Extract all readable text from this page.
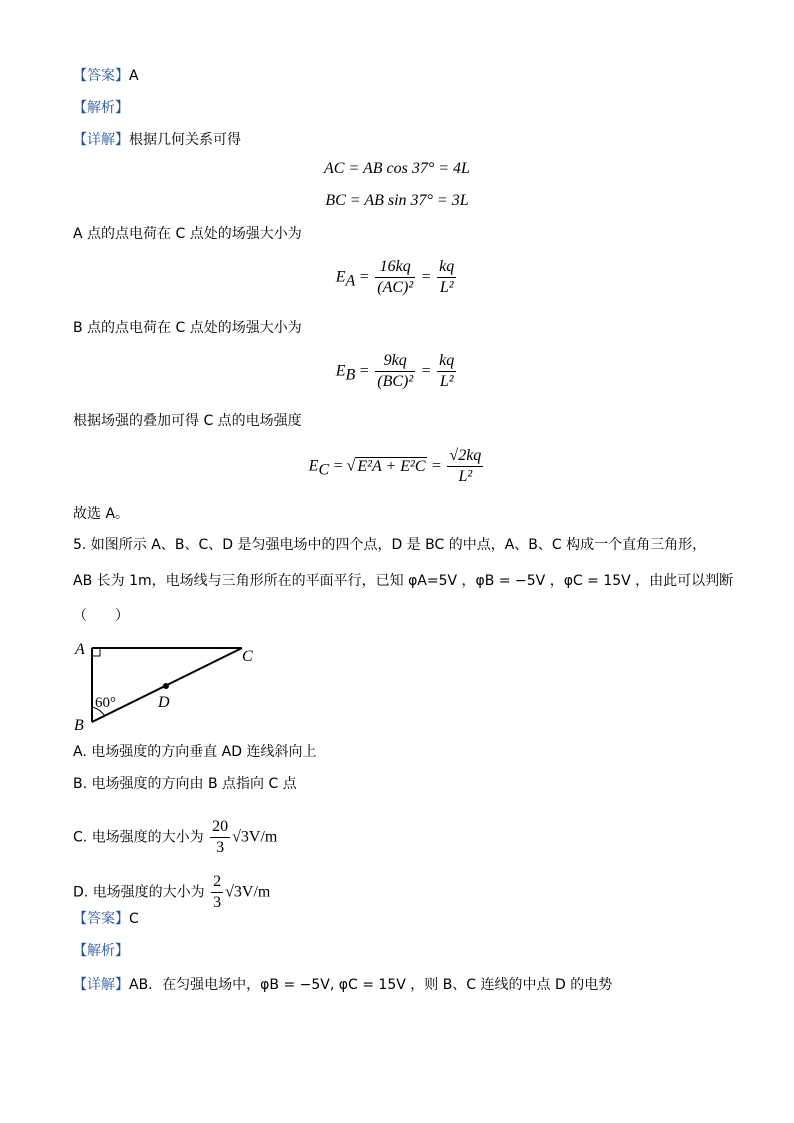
【答案】A
【解析】
【详解】根据几何关系可得
AC = AB cos 37° = 4L
BC = AB sin 37° = 3L
A 点的点电荷在 C 点处的场强大小为
$E_A = \frac{16kq}{\text{(AC)²}} = \frac{kq}{\text{L²}}$
B 点的点电荷在 C 点处的场强大小为
$E_B = \frac{9kq}{\text{(BC)²}} = \frac{kq}{\text{L²}}$
根据场强的叠加可得 C 点的电场强度
$E_C$ = √ $E^2A + E^2C = \frac{√2kq}{\text{L²}}$
故选 A。
5. 如图所示 A、B、C、D 是匀强电场中的四个点，D 是 BC 的中点，A、B、C 构成一个直角三角形，
AB 长为 1m，电场线与三角形所在的平面平行，已知 φA=5V ，φB = −5V ，φC = 15V ，由此可以判断
（　　）
A
B
C
D
60°
A. 电场强度的方向垂直 AD 连线斜向上
B. 电场强度的方向由 B 点指向 C 点
C. 电场强度的大小为 $\frac{20}{3} √3V/m$
D. 电场强度的大小为 $\frac{2}{3} √3V/m$
【答案】C
【解析】
【详解】AB．在匀强电场中，φB = −5V, φC = 15V ，则 B、C 连线的中点 D 的电势
